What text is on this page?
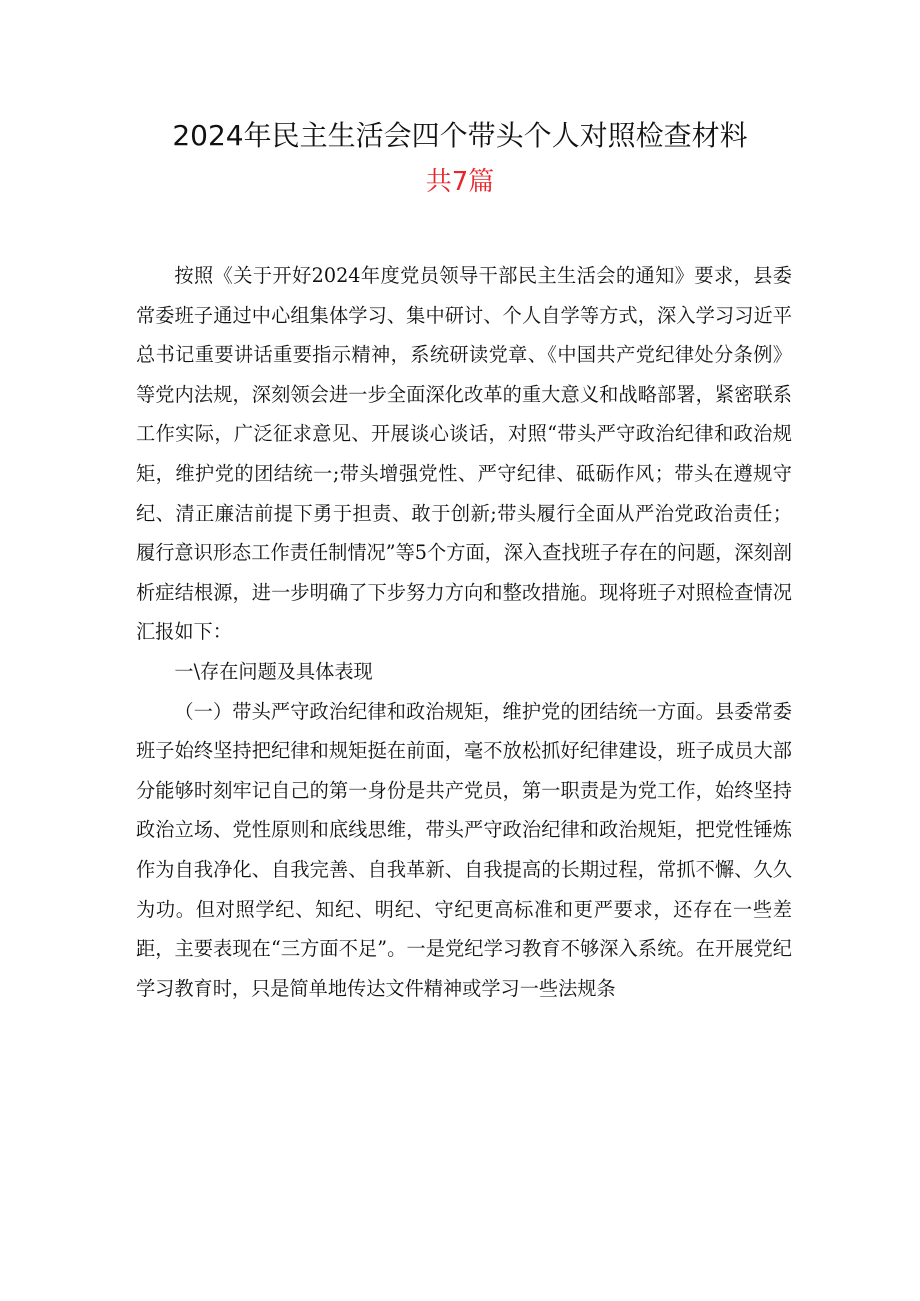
2024年民主生活会四个带头个人对照检查材料
共7篇

按照《关于开好2024年度党员领导干部民主生活会的通知》要求，县委常委班子通过中心组集体学习、集中研讨、个人自学等方式，深入学习习近平总书记重要讲话重要指示精神，系统研读党章、《中国共产党纪律处分条例》等党内法规，深刻领会进一步全面深化改革的重大意义和战略部署，紧密联系工作实际，广泛征求意见、开展谈心谈话，对照“带头严守政治纪律和政治规矩，维护党的团结统一;带头增强党性、严守纪律、砥砺作风；带头在遵规守纪、清正廉洁前提下勇于担责、敢于创新;带头履行全面从严治党政治责任；履行意识形态工作责任制情况”等5个方面，深入查找班子存在的问题，深刻剖析症结根源，进一步明确了下步努力方向和整改措施。现将班子对照检查情况汇报如下：

一\存在问题及具体表现

（一）带头严守政治纪律和政治规矩，维护党的团结统一方面。县委常委班子始终坚持把纪律和规矩挺在前面，毫不放松抓好纪律建设，班子成员大部分能够时刻牢记自己的第一身份是共产党员，第一职责是为党工作，始终坚持政治立场、党性原则和底线思维，带头严守政治纪律和政治规矩，把党性锤炼作为自我净化、自我完善、自我革新、自我提高的长期过程，常抓不懈、久久为功。但对照学纪、知纪、明纪、守纪更高标准和更严要求，还存在一些差距，主要表现在“三方面不足”。一是党纪学习教育不够深入系统。在开展党纪学习教育时，只是简单地传达文件精神或学习一些法规条
